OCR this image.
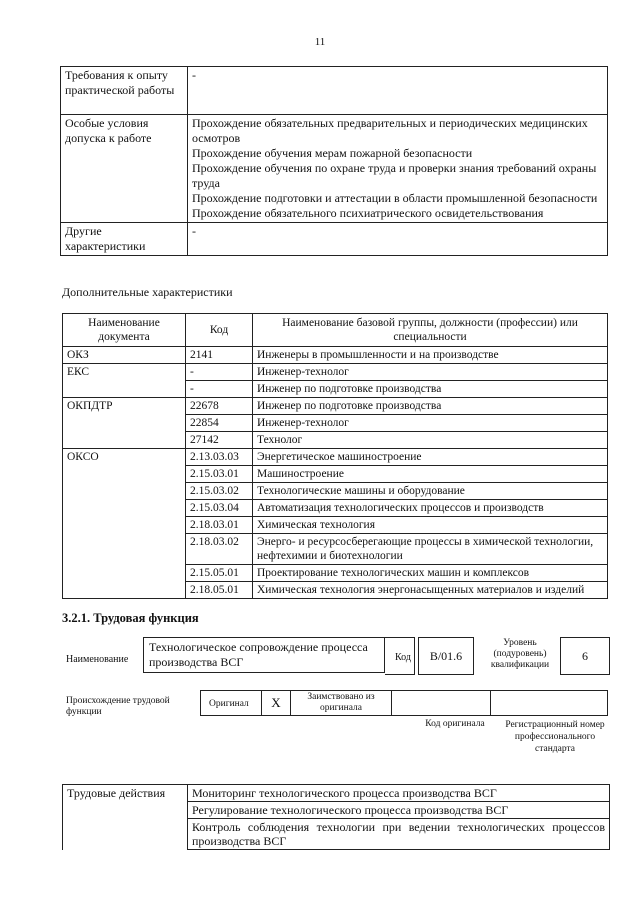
11
Требования к опыту практической работы	-

Особые условия допуска к работе	Прохождение обязательных предварительных и периодических медицинских осмотров
Прохождение обучения мерам пожарной безопасности
Прохождение обучения по охране труда и проверки знания требований охраны труда
Прохождение подготовки и аттестации в области промышленной безопасности
Прохождение обязательного психиатрического освидетельствования

Другие характеристики	-
Дополнительные характеристики
Наименование документа	Код	Наименование базовой группы, должности (профессии) или специальности
ОКЗ	2141	Инженеры в промышленности и на производстве
ЕКС	-	Инженер-технолог
	-	Инженер по подготовке производства
ОКПДТР	22678	Инженер по подготовке производства
	22854	Инженер-технолог
	27142	Технолог
ОКСО	2.13.03.03	Энергетическое машиностроение
	2.15.03.01	Машиностроение
	2.15.03.02	Технологические машины и оборудование
	2.15.03.04	Автоматизация технологических процессов и производств
	2.18.03.01	Химическая технология
	2.18.03.02	Энерго- и ресурсосберегающие процессы в химической технологии, нефтехимии и биотехнологии
	2.15.05.01	Проектирование технологических машин и комплексов
	2.18.05.01	Химическая технология энергонасыщенных материалов и изделий
3.2.1. Трудовая функция
Наименование
Технологическое сопровождение процесса производства ВСГ	Код	B/01.6
Уровень (подуровень) квалификации
6
Происхождение трудовой функции
Оригинал	X	Заимствовано из оригинала
Код оригинала	Регистрационный номер профессионального стандарта
Трудовые действия	Мониторинг технологического процесса производства ВСГ
Регулирование технологического процесса производства ВСГ
Контроль соблюдения технологии при ведении технологических процессов производства ВСГ
